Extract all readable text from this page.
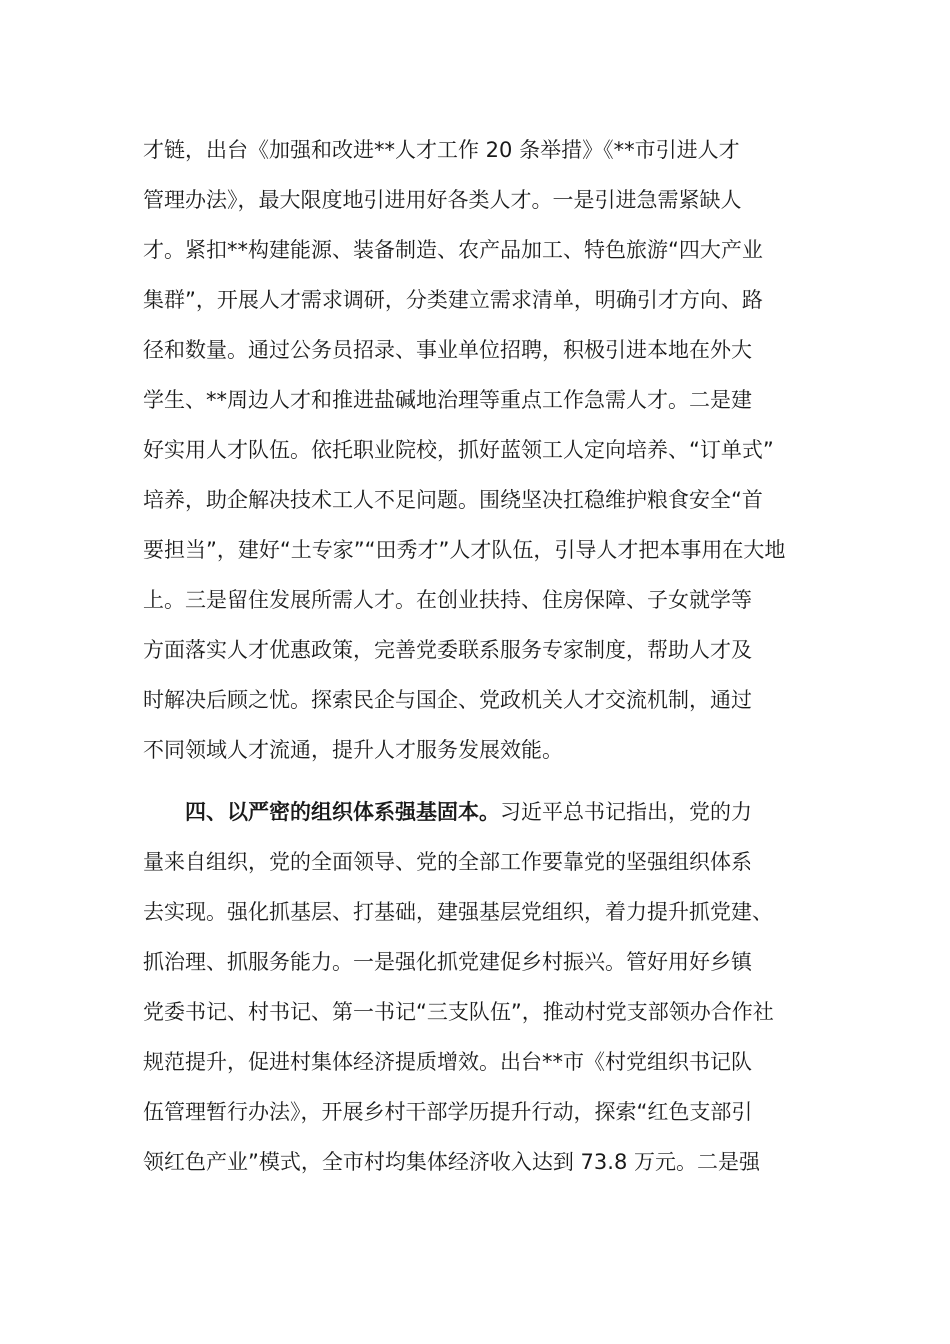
才链，出台《加强和改进**人才工作 20 条举措》《**市引进人才
管理办法》，最大限度地引进用好各类人才。一是引进急需紧缺人
才。紧扣**构建能源、装备制造、农产品加工、特色旅游“四大产业
集群”，开展人才需求调研，分类建立需求清单，明确引才方向、路
径和数量。通过公务员招录、事业单位招聘，积极引进本地在外大
学生、**周边人才和推进盐碱地治理等重点工作急需人才。二是建
好实用人才队伍。依托职业院校，抓好蓝领工人定向培养、“订单式”
培养，助企解决技术工人不足问题。围绕坚决扛稳维护粮食安全“首
要担当”，建好“土专家”“田秀才”人才队伍，引导人才把本事用在大地
上。三是留住发展所需人才。在创业扶持、住房保障、子女就学等
方面落实人才优惠政策，完善党委联系服务专家制度，帮助人才及
时解决后顾之忧。探索民企与国企、党政机关人才交流机制，通过
不同领域人才流通，提升人才服务发展效能。
四、以严密的组织体系强基固本。习近平总书记指出，党的力
量来自组织，党的全面领导、党的全部工作要靠党的坚强组织体系
去实现。强化抓基层、打基础，建强基层党组织，着力提升抓党建、
抓治理、抓服务能力。一是强化抓党建促乡村振兴。管好用好乡镇
党委书记、村书记、第一书记“三支队伍”，推动村党支部领办合作社
规范提升，促进村集体经济提质增效。出台**市《村党组织书记队
伍管理暂行办法》，开展乡村干部学历提升行动，探索“红色支部引
领红色产业”模式，全市村均集体经济收入达到 73.8 万元。二是强
